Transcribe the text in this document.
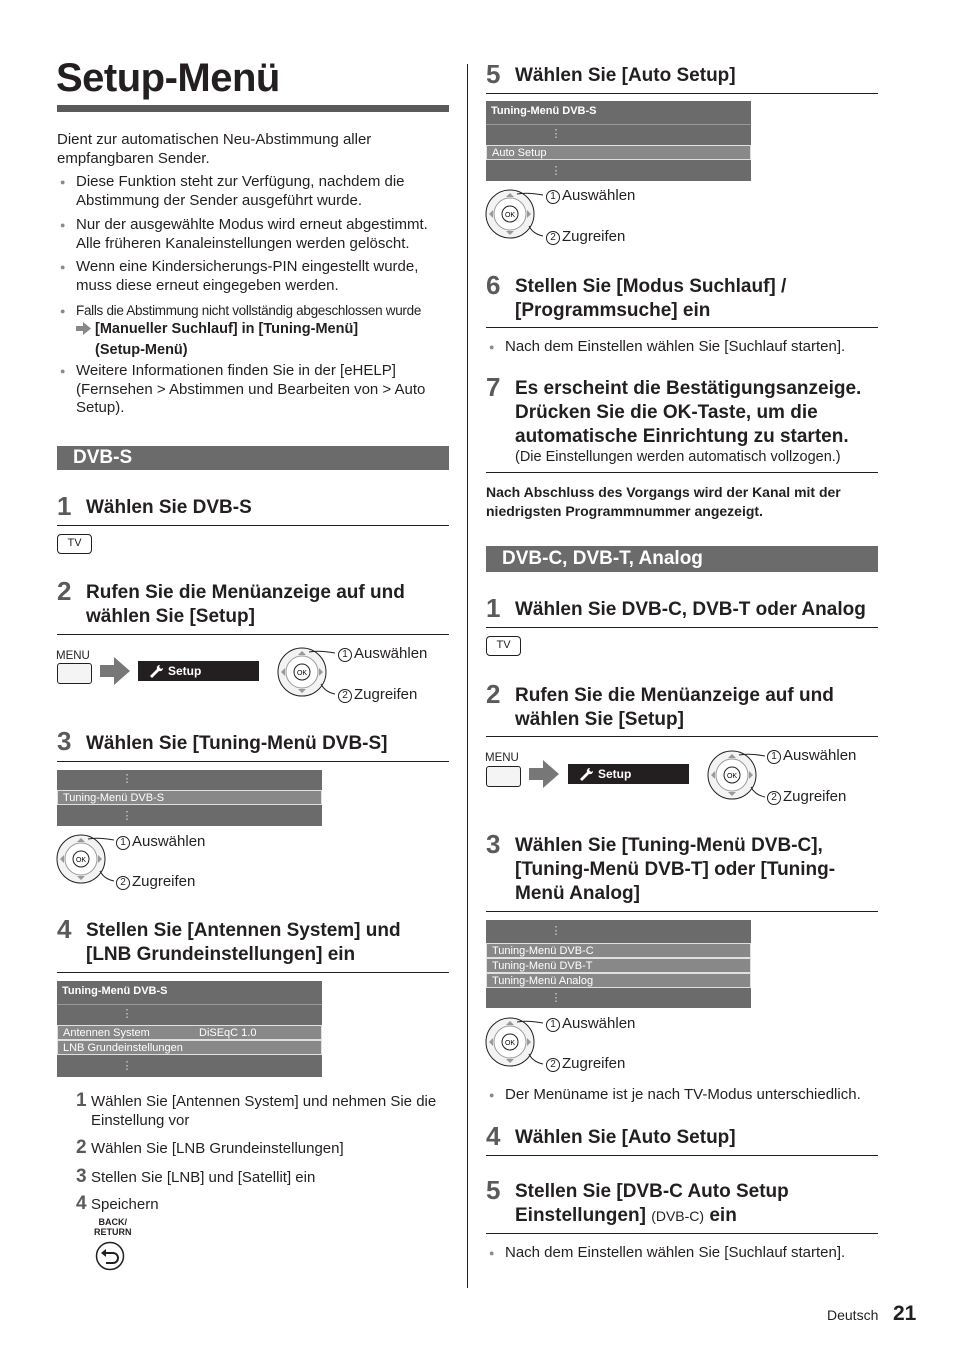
Setup-Menü
Dient zur automatischen Neu-Abstimmung aller empfangbaren Sender.
● Diese Funktion steht zur Verfügung, nachdem die Abstimmung der Sender ausgeführt wurde.
● Nur der ausgewählte Modus wird erneut abgestimmt. Alle früheren Kanaleinstellungen werden gelöscht.
● Wenn eine Kindersicherungs-PIN eingestellt wurde, muss diese erneut eingegeben werden.
● Falls die Abstimmung nicht vollständig abgeschlossen wurde
[Manueller Suchlauf] in [Tuning-Menü]
(Setup-Menü)
● Weitere Informationen finden Sie in der [eHELP] (Fernsehen > Abstimmen und Bearbeiten von > Auto Setup).
DVB-S
1 Wählen Sie DVB-S
TV
2 Rufen Sie die Menüanzeige auf und wählen Sie [Setup]
MENU
Setup	OK
1 Auswählen
2 Zugreifen
3 Wählen Sie [Tuning-Menü DVB-S]
⋮
Tuning-Menü DVB-S
⋮
OK
1 Auswählen
2 Zugreifen
4 Stellen Sie [Antennen System] und [LNB Grundeinstellungen] ein
Tuning-Menü DVB-S
⋮
Antennen System	DiSEqC 1.0
LNB Grundeinstellungen
⋮
1 Wählen Sie [Antennen System] und nehmen Sie die Einstellung vor
2 Wählen Sie [LNB Grundeinstellungen]
3 Stellen Sie [LNB] und [Satellit] ein
4 Speichern
BACK/
RETURN
5 Wählen Sie [Auto Setup]
Tuning-Menü DVB-S
⋮
Auto Setup
⋮
OK
1 Auswählen
2 Zugreifen
6 Stellen Sie [Modus Suchlauf] / [Programmsuche] ein
● Nach dem Einstellen wählen Sie [Suchlauf starten].
7 Es erscheint die Bestätigungsanzeige. Drücken Sie die OK-Taste, um die automatische Einrichtung zu starten.
(Die Einstellungen werden automatisch vollzogen.)
Nach Abschluss des Vorgangs wird der Kanal mit der niedrigsten Programmnummer angezeigt.
DVB-C, DVB-T, Analog
1 Wählen Sie DVB-C, DVB-T oder Analog
TV
2 Rufen Sie die Menüanzeige auf und wählen Sie [Setup]
MENU
Setup	OK
1 Auswählen
2 Zugreifen
3 Wählen Sie [Tuning-Menü DVB-C], [Tuning-Menü DVB-T] oder [Tuning-Menü Analog]
⋮
Tuning-Menü DVB-C
Tuning-Menü DVB-T
Tuning-Menü Analog
⋮
OK
1 Auswählen
2 Zugreifen
● Der Menüname ist je nach TV-Modus unterschiedlich.
4 Wählen Sie [Auto Setup]
5 Stellen Sie [DVB-C Auto Setup Einstellungen] (DVB-C) ein
● Nach dem Einstellen wählen Sie [Suchlauf starten].
Deutsch 21
